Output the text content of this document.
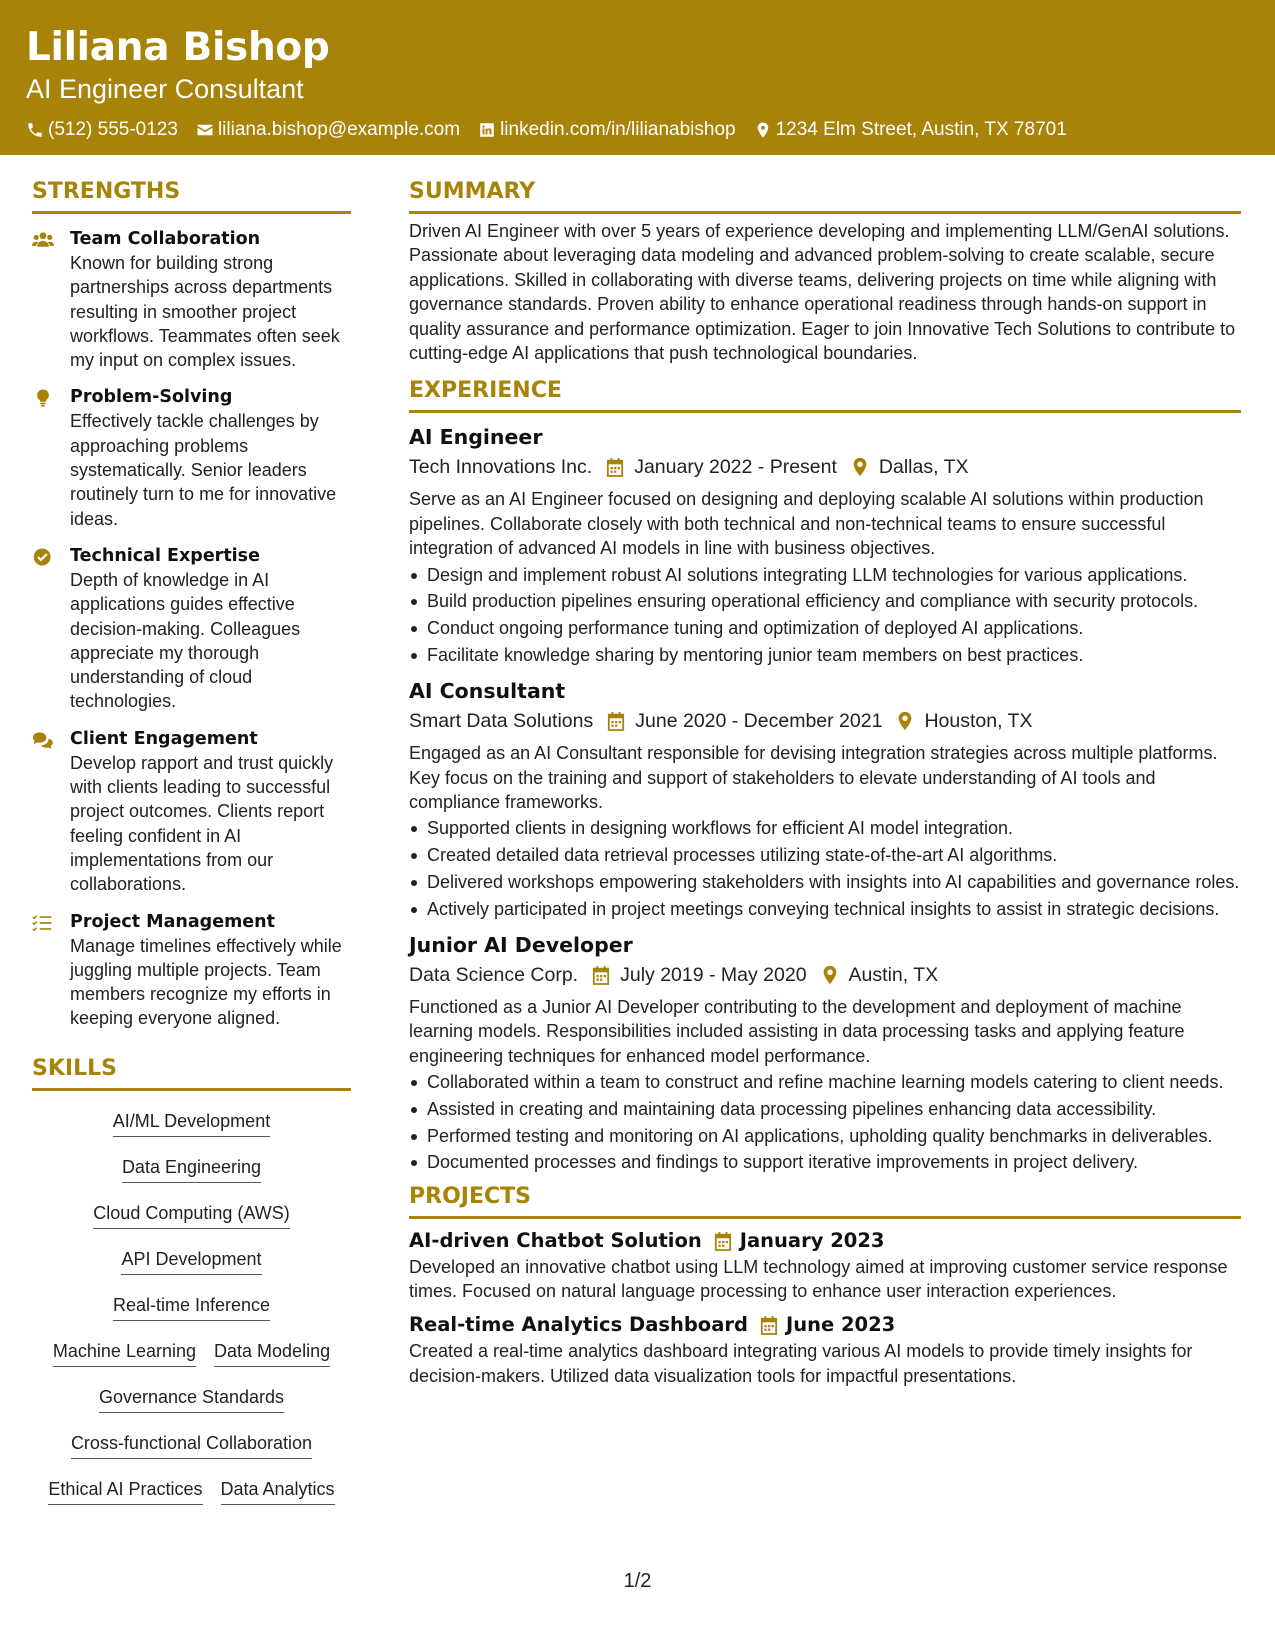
Liliana Bishop
AI Engineer Consultant
(512) 555-0123 liliana.bishop@example.com linkedin.com/in/lilianabishop 1234 Elm Street, Austin, TX 78701
STRENGTHS
Team Collaboration
Known for building strong partnerships across departments resulting in smoother project workflows. Teammates often seek my input on complex issues.
Problem-Solving
Effectively tackle challenges by approaching problems systematically. Senior leaders routinely turn to me for innovative ideas.
Technical Expertise
Depth of knowledge in AI applications guides effective decision-making. Colleagues appreciate my thorough understanding of cloud technologies.
Client Engagement
Develop rapport and trust quickly with clients leading to successful project outcomes. Clients report feeling confident in AI implementations from our collaborations.
Project Management
Manage timelines effectively while juggling multiple projects. Team members recognize my efforts in keeping everyone aligned.
SKILLS
AI/ML Development
Data Engineering
Cloud Computing (AWS)
API Development
Real-time Inference
Machine Learning Data Modeling
Governance Standards
Cross-functional Collaboration
Ethical AI Practices Data Analytics
SUMMARY
Driven AI Engineer with over 5 years of experience developing and implementing LLM/GenAI solutions. Passionate about leveraging data modeling and advanced problem-solving to create scalable, secure applications. Skilled in collaborating with diverse teams, delivering projects on time while aligning with governance standards. Proven ability to enhance operational readiness through hands-on support in quality assurance and performance optimization. Eager to join Innovative Tech Solutions to contribute to cutting-edge AI applications that push technological boundaries.
EXPERIENCE
AI Engineer
Tech Innovations Inc. January 2022 - Present Dallas, TX
Serve as an AI Engineer focused on designing and deploying scalable AI solutions within production pipelines. Collaborate closely with both technical and non-technical teams to ensure successful integration of advanced AI models in line with business objectives.
Design and implement robust AI solutions integrating LLM technologies for various applications.
Build production pipelines ensuring operational efficiency and compliance with security protocols.
Conduct ongoing performance tuning and optimization of deployed AI applications.
Facilitate knowledge sharing by mentoring junior team members on best practices.
AI Consultant
Smart Data Solutions June 2020 - December 2021 Houston, TX
Engaged as an AI Consultant responsible for devising integration strategies across multiple platforms. Key focus on the training and support of stakeholders to elevate understanding of AI tools and compliance frameworks.
Supported clients in designing workflows for efficient AI model integration.
Created detailed data retrieval processes utilizing state-of-the-art AI algorithms.
Delivered workshops empowering stakeholders with insights into AI capabilities and governance roles.
Actively participated in project meetings conveying technical insights to assist in strategic decisions.
Junior AI Developer
Data Science Corp. July 2019 - May 2020 Austin, TX
Functioned as a Junior AI Developer contributing to the development and deployment of machine learning models. Responsibilities included assisting in data processing tasks and applying feature engineering techniques for enhanced model performance.
Collaborated within a team to construct and refine machine learning models catering to client needs.
Assisted in creating and maintaining data processing pipelines enhancing data accessibility.
Performed testing and monitoring on AI applications, upholding quality benchmarks in deliverables.
Documented processes and findings to support iterative improvements in project delivery.
PROJECTS
AI-driven Chatbot Solution January 2023
Developed an innovative chatbot using LLM technology aimed at improving customer service response times. Focused on natural language processing to enhance user interaction experiences.
Real-time Analytics Dashboard June 2023
Created a real-time analytics dashboard integrating various AI models to provide timely insights for decision-makers. Utilized data visualization tools for impactful presentations.
1/2
